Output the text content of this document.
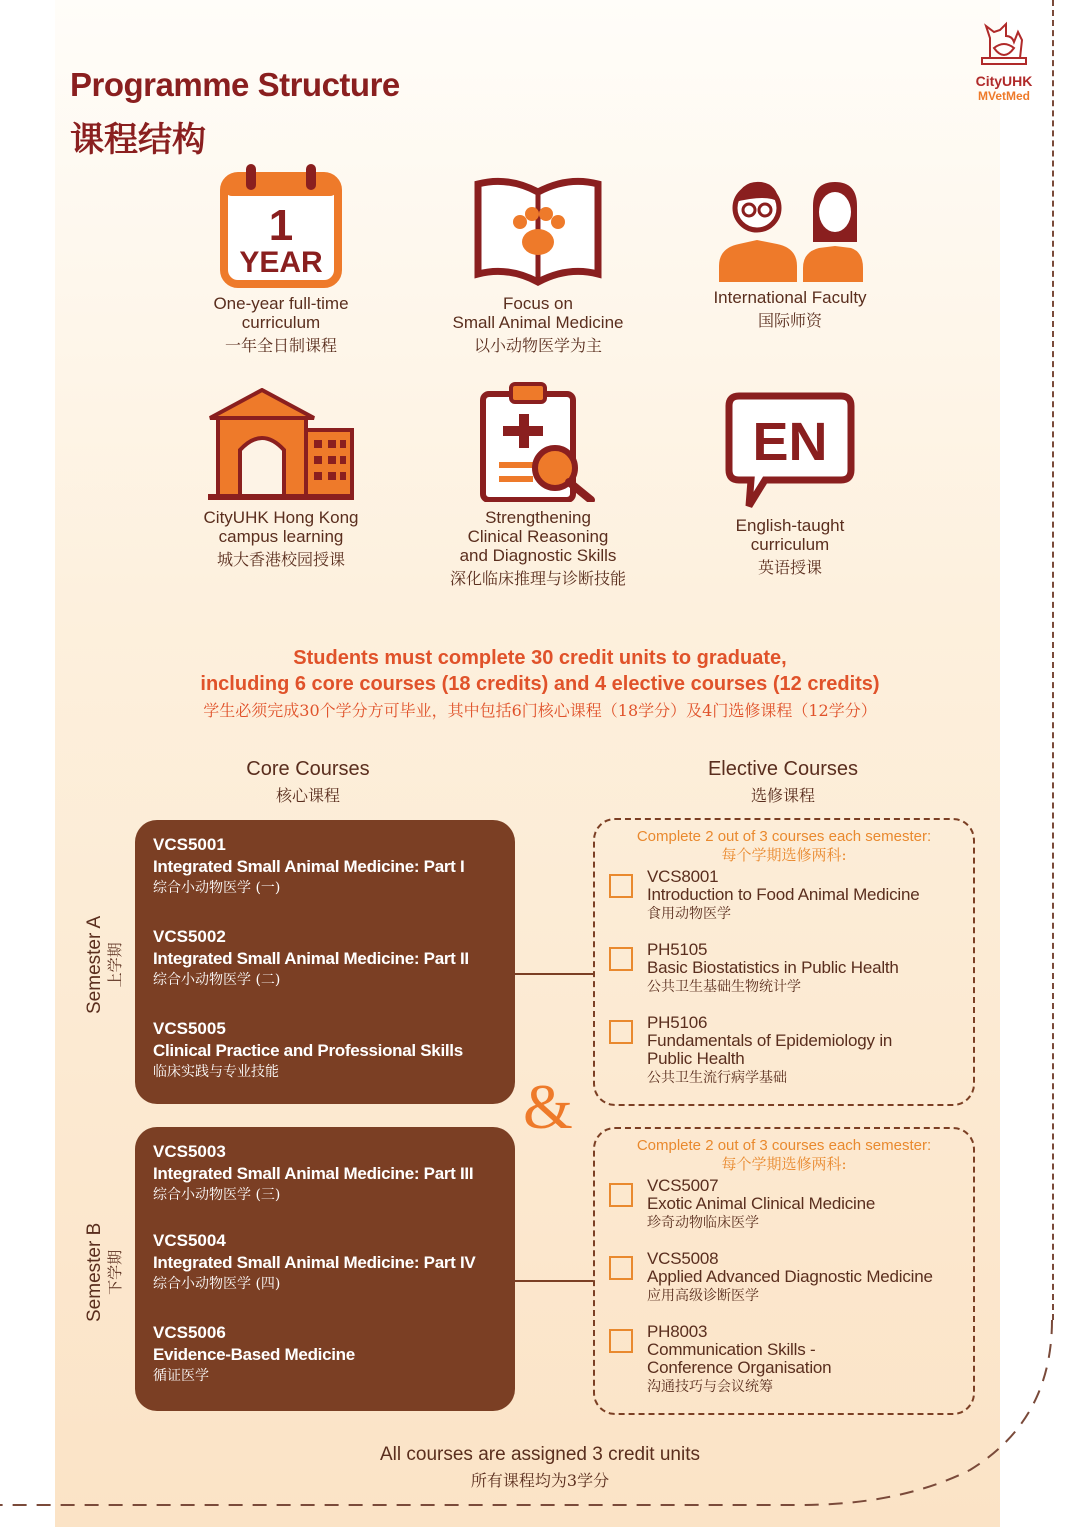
CityUHK
MVetMed
Programme Structure
课程结构
1
YEAR
One-year full-time
curriculum
一年全日制课程
Focus on
Small Animal Medicine
以小动物医学为主
International Faculty
国际师资
CityUHK Hong Kong
campus learning
城大香港校园授课
Strengthening
Clinical Reasoning
and Diagnostic Skills
深化临床推理与诊断技能
EN
English-taught
curriculum
英语授课
Students must complete 30 credit units to graduate,
including 6 core courses (18 credits) and 4 elective courses (12 credits)
学生必须完成30个学分方可毕业，其中包括6门核心课程（18学分）及4门选修课程（12学分）
Core Courses
核心课程
Elective Courses
选修课程
Semester A 上学期
Semester B 下学期
VCS5001
Integrated Small Animal Medicine: Part I
综合小动物医学 (一)
VCS5002
Integrated Small Animal Medicine: Part II
综合小动物医学 (二)
VCS5005
Clinical Practice and Professional Skills
临床实践与专业技能
VCS5003
Integrated Small Animal Medicine: Part III
综合小动物医学 (三)
VCS5004
Integrated Small Animal Medicine: Part IV
综合小动物医学 (四)
VCS5006
Evidence-Based Medicine
循证医学
&
Complete 2 out of 3 courses each semester:
每个学期选修两科:
VCS8001
Introduction to Food Animal Medicine
食用动物医学
PH5105
Basic Biostatistics in Public Health
公共卫生基础生物统计学
PH5106
Fundamentals of Epidemiology in
Public Health
公共卫生流行病学基础
Complete 2 out of 3 courses each semester:
每个学期选修两科:
VCS5007
Exotic Animal Clinical Medicine
珍奇动物临床医学
VCS5008
Applied Advanced Diagnostic Medicine
应用高级诊断医学
PH8003
Communication Skills -
Conference Organisation
沟通技巧与会议统筹
All courses are assigned 3 credit units
所有课程均为3学分
